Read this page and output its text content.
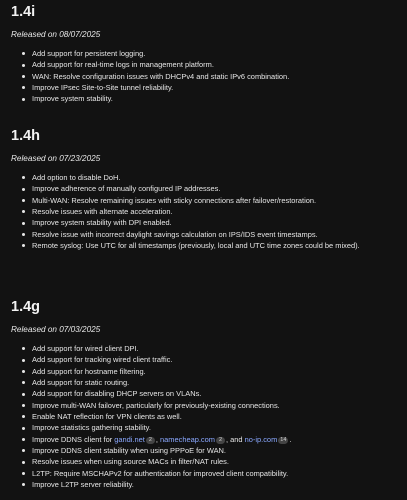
1.4i
Released on 08/07/2025
Add support for persistent logging.
Add support for real-time logs in management platform.
WAN: Resolve configuration issues with DHCPv4 and static IPv6 combination.
Improve IPsec Site-to-Site tunnel reliability.
Improve system stability.
1.4h
Released on 07/23/2025
Add option to disable DoH.
Improve adherence of manually configured IP addresses.
Multi-WAN: Resolve remaining issues with sticky connections after failover/restoration.
Resolve issues with alternate acceleration.
Improve system stability with DPI enabled.
Resolve issue with incorrect daylight savings calculation on IPS/IDS event timestamps.
Remote syslog: Use UTC for all timestamps (previously, local and UTC time zones could be mixed).
1.4g
Released on 07/03/2025
Add support for wired client DPI.
Add support for tracking wired client traffic.
Add support for hostname filtering.
Add support for static routing.
Add support for disabling DHCP servers on VLANs.
Improve multi-WAN failover, particularly for previously-existing connections.
Enable NAT reflection for VPN clients as well.
Improve statistics gathering stability.
Improve DDNS client for gandi.net 2 , namecheap.com 2 , and no-ip.com 14 .
Improve DDNS client stability when using PPPoE for WAN.
Resolve issues when using source MACs in filter/NAT rules.
L2TP: Require MSCHAPv2 for authentication for improved client compatibility.
Improve L2TP server reliability.
